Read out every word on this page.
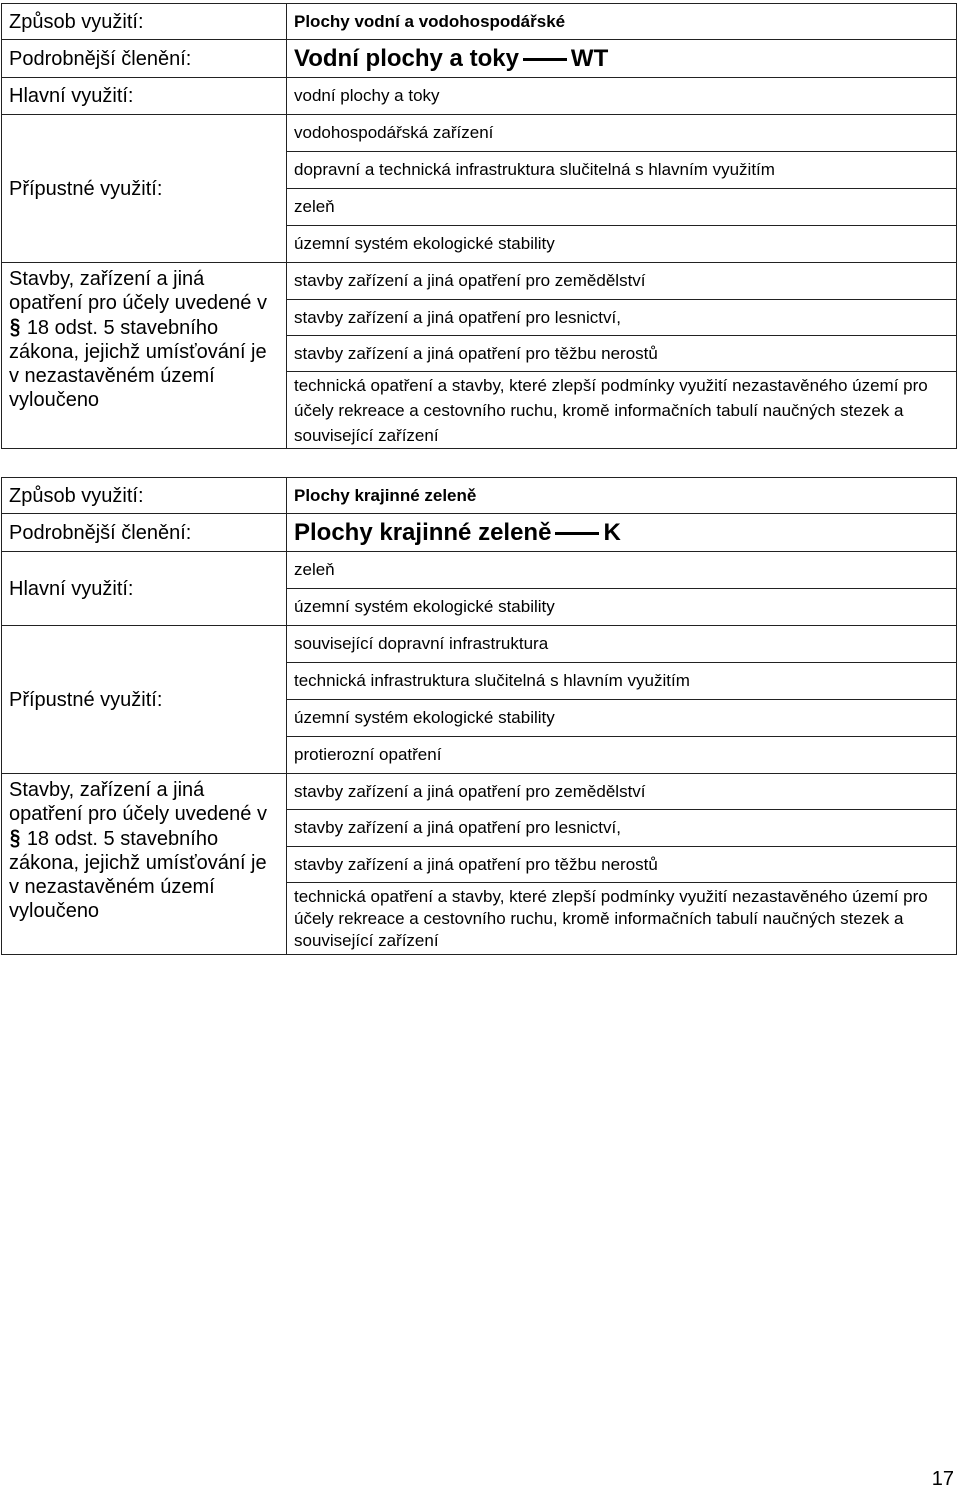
Způsob využití:	Plochy vodní a vodohospodářské
Podrobnější členění:	Vodní plochy a toky WT
Hlavní využití:	vodní plochy a toky
Přípustné využití:	vodohospodářská zařízení
	dopravní a technická infrastruktura slučitelná s hlavním využitím
	zeleň
	územní systém ekologické stability
Stavby, zařízení a jiná opatření pro účely uvedené v § 18 odst. 5 stavebního zákona, jejichž umísťování je v nezastavěném území vyloučeno	stavby zařízení a jiná opatření pro zemědělství
	stavby zařízení a jiná opatření pro lesnictví,
	stavby zařízení a jiná opatření pro těžbu nerostů
	technická opatření a stavby, které zlepší podmínky využití nezastavěného území pro účely rekreace a cestovního ruchu, kromě informačních tabulí naučných stezek a související zařízení
Způsob využití:	Plochy krajinné zeleně
Podrobnější členění:	Plochy krajinné zeleně K
Hlavní využití:	zeleň
	územní systém ekologické stability
Přípustné využití:	související dopravní infrastruktura
	technická infrastruktura slučitelná s hlavním využitím
	územní systém ekologické stability
	protierozní opatření
Stavby, zařízení a jiná opatření pro účely uvedené v § 18 odst. 5 stavebního zákona, jejichž umísťování je v nezastavěném území vyloučeno	stavby zařízení a jiná opatření pro zemědělství
	stavby zařízení a jiná opatření pro lesnictví,
	stavby zařízení a jiná opatření pro těžbu nerostů
	technická opatření a stavby, které zlepší podmínky využití nezastavěného území pro účely rekreace a cestovního ruchu, kromě informačních tabulí naučných stezek a související zařízení
17
